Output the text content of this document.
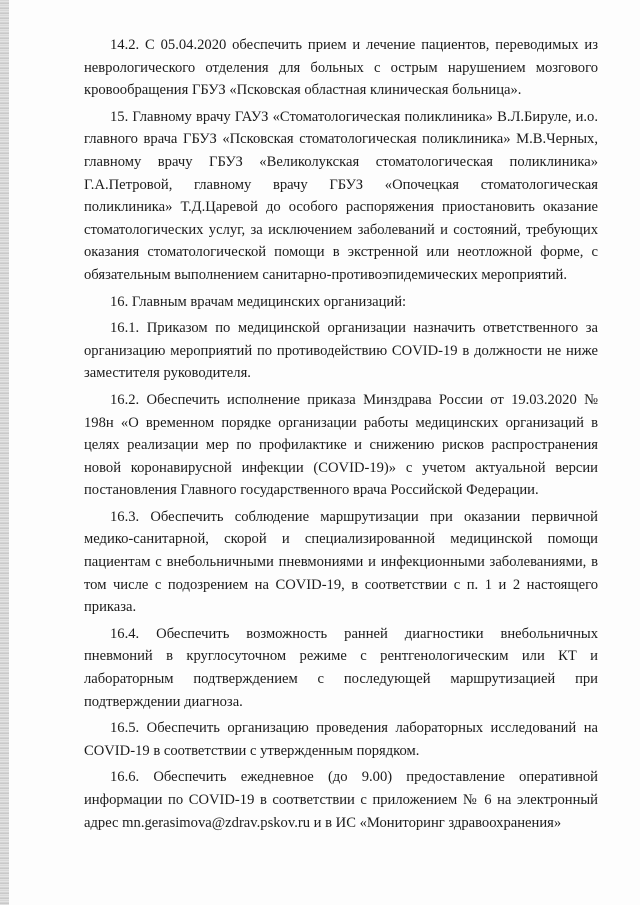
14.2. С 05.04.2020 обеспечить прием и лечение пациентов, переводимых из неврологического отделения для больных с острым нарушением мозгового кровообращения ГБУЗ «Псковская областная клиническая больница».

15. Главному врачу ГАУЗ «Стоматологическая поликлиника» В.Л.Бируле, и.о. главного врача ГБУЗ «Псковская стоматологическая поликлиника» М.В.Черных, главному врачу ГБУЗ «Великолукская стоматологическая поликлиника» Г.А.Петровой, главному врачу ГБУЗ «Опочецкая стоматологическая поликлиника» Т.Д.Царевой до особого распоряжения приостановить оказание стоматологических услуг, за исключением заболеваний и состояний, требующих оказания стоматологической помощи в экстренной или неотложной форме, с обязательным выполнением санитарно-противоэпидемических мероприятий.

16. Главным врачам медицинских организаций:

16.1. Приказом по медицинской организации назначить ответственного за организацию мероприятий по противодействию COVID-19 в должности не ниже заместителя руководителя.

16.2. Обеспечить исполнение приказа Минздрава России от 19.03.2020 № 198н «О временном порядке организации работы медицинских организаций в целях реализации мер по профилактике и снижению рисков распространения новой коронавирусной инфекции (COVID-19)» с учетом актуальной версии постановления Главного государственного врача Российской Федерации.

16.3. Обеспечить соблюдение маршрутизации при оказании первичной медико-санитарной, скорой и специализированной медицинской помощи пациентам с внебольничными пневмониями и инфекционными заболеваниями, в том числе с подозрением на COVID-19, в соответствии с п. 1 и 2 настоящего приказа.

16.4. Обеспечить возможность ранней диагностики внебольничных пневмоний в круглосуточном режиме с рентгенологическим или КТ и лабораторным подтверждением с последующей маршрутизацией при подтверждении диагноза.

16.5. Обеспечить организацию проведения лабораторных исследований на COVID-19 в соответствии с утвержденным порядком.

16.6. Обеспечить ежедневное (до 9.00) предоставление оперативной информации по COVID-19 в соответствии с приложением № 6 на электронный адрес mn.gerasimova@zdrav.pskov.ru и в ИС «Мониторинг здравоохранения»
